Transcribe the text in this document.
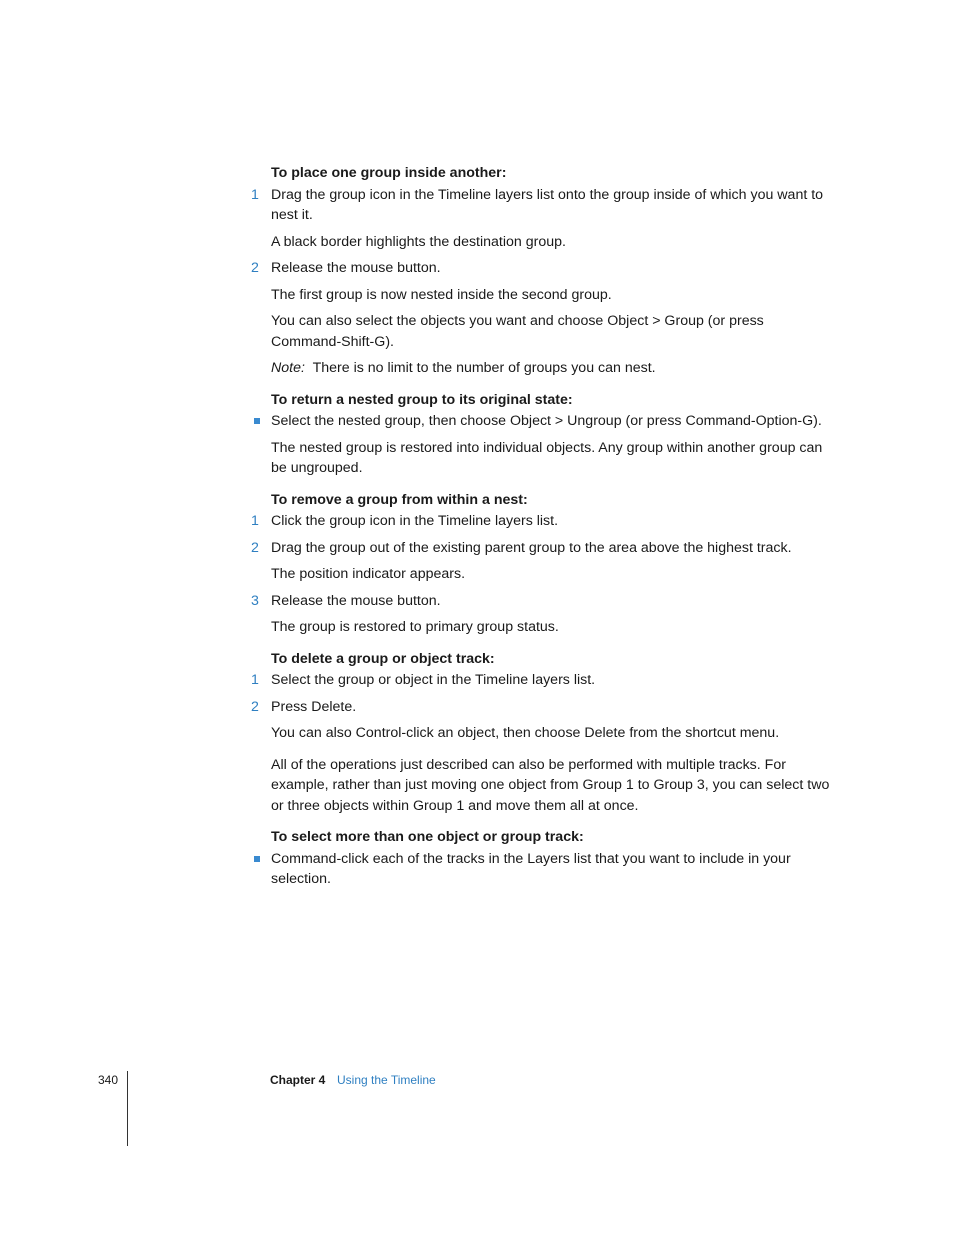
To place one group inside another:
1 Drag the group icon in the Timeline layers list onto the group inside of which you want to nest it.
A black border highlights the destination group.
2 Release the mouse button.
The first group is now nested inside the second group.
You can also select the objects you want and choose Object > Group (or press Command-Shift-G).
Note: There is no limit to the number of groups you can nest.
To return a nested group to its original state:
Select the nested group, then choose Object > Ungroup (or press Command-Option-G).
The nested group is restored into individual objects. Any group within another group can be ungrouped.
To remove a group from within a nest:
1 Click the group icon in the Timeline layers list.
2 Drag the group out of the existing parent group to the area above the highest track.
The position indicator appears.
3 Release the mouse button.
The group is restored to primary group status.
To delete a group or object track:
1 Select the group or object in the Timeline layers list.
2 Press Delete.
You can also Control-click an object, then choose Delete from the shortcut menu.
All of the operations just described can also be performed with multiple tracks. For example, rather than just moving one object from Group 1 to Group 3, you can select two or three objects within Group 1 and move them all at once.
To select more than one object or group track:
Command-click each of the tracks in the Layers list that you want to include in your selection.
340	Chapter 4 Using the Timeline
